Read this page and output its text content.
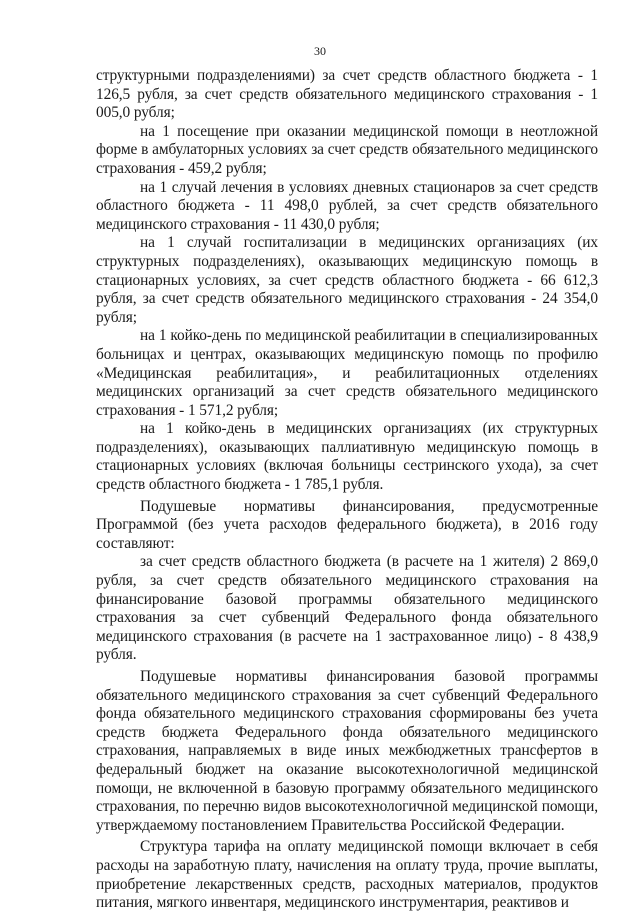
30

структурными подразделениями) за счет средств областного бюджета - 1 126,5 рубля, за счет средств обязательного медицинского страхования - 1 005,0 рубля;

на 1 посещение при оказании медицинской помощи в неотложной форме в амбулаторных условиях за счет средств обязательного медицинского страхования - 459,2 рубля;

на 1 случай лечения в условиях дневных стационаров за счет средств областного бюджета - 11 498,0 рублей, за счет средств обязательного медицинского страхования - 11 430,0 рубля;

на 1 случай госпитализации в медицинских организациях (их структурных подразделениях), оказывающих медицинскую помощь в стационарных условиях, за счет средств областного бюджета - 66 612,3 рубля, за счет средств обязательного медицинского страхования - 24 354,0 рубля;

на 1 койко-день по медицинской реабилитации в специализированных больницах и центрах, оказывающих медицинскую помощь по профилю «Медицинская реабилитация», и реабилитационных отделениях медицинских организаций за счет средств обязательного медицинского страхования - 1 571,2 рубля;

на 1 койко-день в медицинских организациях (их структурных подразделениях), оказывающих паллиативную медицинскую помощь в стационарных условиях (включая больницы сестринского ухода), за счет средств областного бюджета - 1 785,1 рубля.

Подушевые нормативы финансирования, предусмотренные Программой (без учета расходов федерального бюджета), в 2016 году составляют:

за счет средств областного бюджета (в расчете на 1 жителя) 2 869,0 рубля, за счет средств обязательного медицинского страхования на финансирование базовой программы обязательного медицинского страхования за счет субвенций Федерального фонда обязательного медицинского страхования (в расчете на 1 застрахованное лицо) - 8 438,9 рубля.

Подушевые нормативы финансирования базовой программы обязательного медицинского страхования за счет субвенций Федерального фонда обязательного медицинского страхования сформированы без учета средств бюджета Федерального фонда обязательного медицинского страхования, направляемых в виде иных межбюджетных трансфертов в федеральный бюджет на оказание высокотехнологичной медицинской помощи, не включенной в базовую программу обязательного медицинского страхования, по перечню видов высокотехнологичной медицинской помощи, утверждаемому постановлением Правительства Российской Федерации.

Структура тарифа на оплату медицинской помощи включает в себя расходы на заработную плату, начисления на оплату труда, прочие выплаты, приобретение лекарственных средств, расходных материалов, продуктов питания, мягкого инвентаря, медицинского инструментария, реактивов и
